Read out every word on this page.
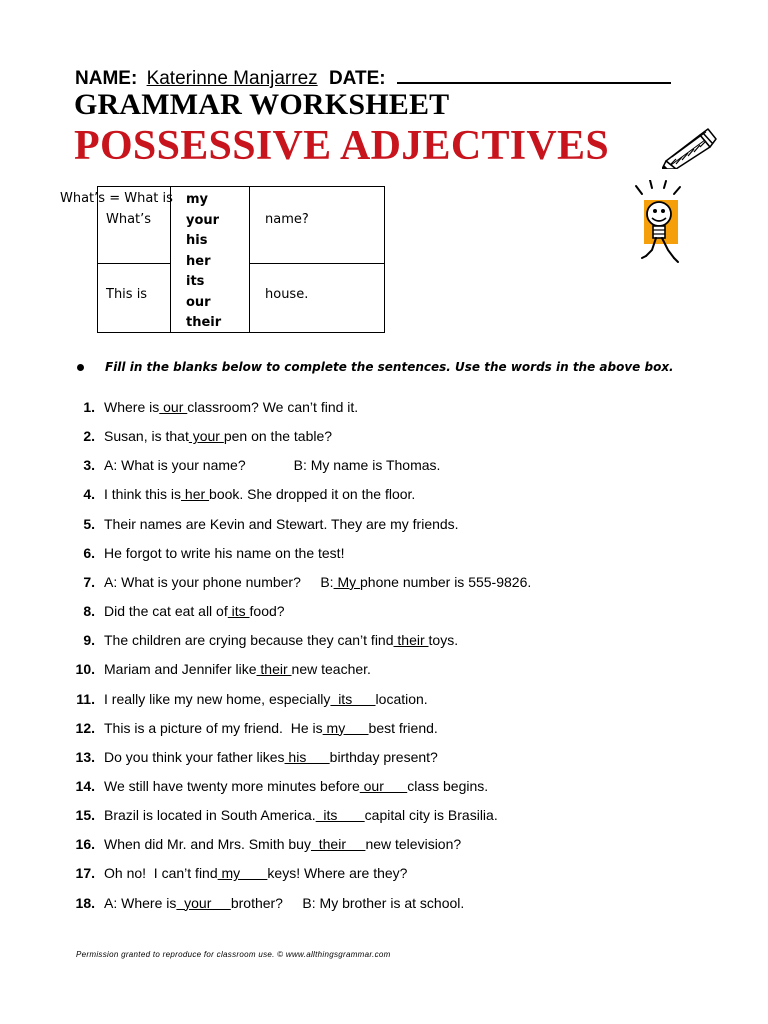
NAME: Katerinne Manjarrez DATE:
GRAMMAR WORKSHEET
POSSESSIVE ADJECTIVES
What’s = What is
What’s
This is
name?
house.
my
your
his
her
its
our
their
Fill in the blanks below to complete the sentences. Use the words in the above box.
1. Where is our classroom? We can’t find it.
2. Susan, is that your pen on the table?
3. A: What is your name?	B: My name is Thomas.
4. I think this is her book. She dropped it on the floor.
5. Their names are Kevin and Stewart. They are my friends.
6. He forgot to write his name on the test!
7. A: What is your phone number?     B: My phone number is 555-9826.
8. Did the cat eat all of its food?
9. The children are crying because they can’t find their toys.
10. Mariam and Jennifer like their new teacher.
11. I really like my new home, especially  its      location.
12. This is a picture of my friend.  He is my      best friend.
13. Do you think your father likes his      birthday present?
14. We still have twenty more minutes before our      class begins.
15. Brazil is located in South America.  its       capital city is Brasilia.
16. When did Mr. and Mrs. Smith buy  their     new television?
17. Oh no!  I can’t find my       keys! Where are they?
18. A: Where is  your     brother?     B: My brother is at school.
Permission granted to reproduce for classroom use. © www.allthingsgrammar.com
